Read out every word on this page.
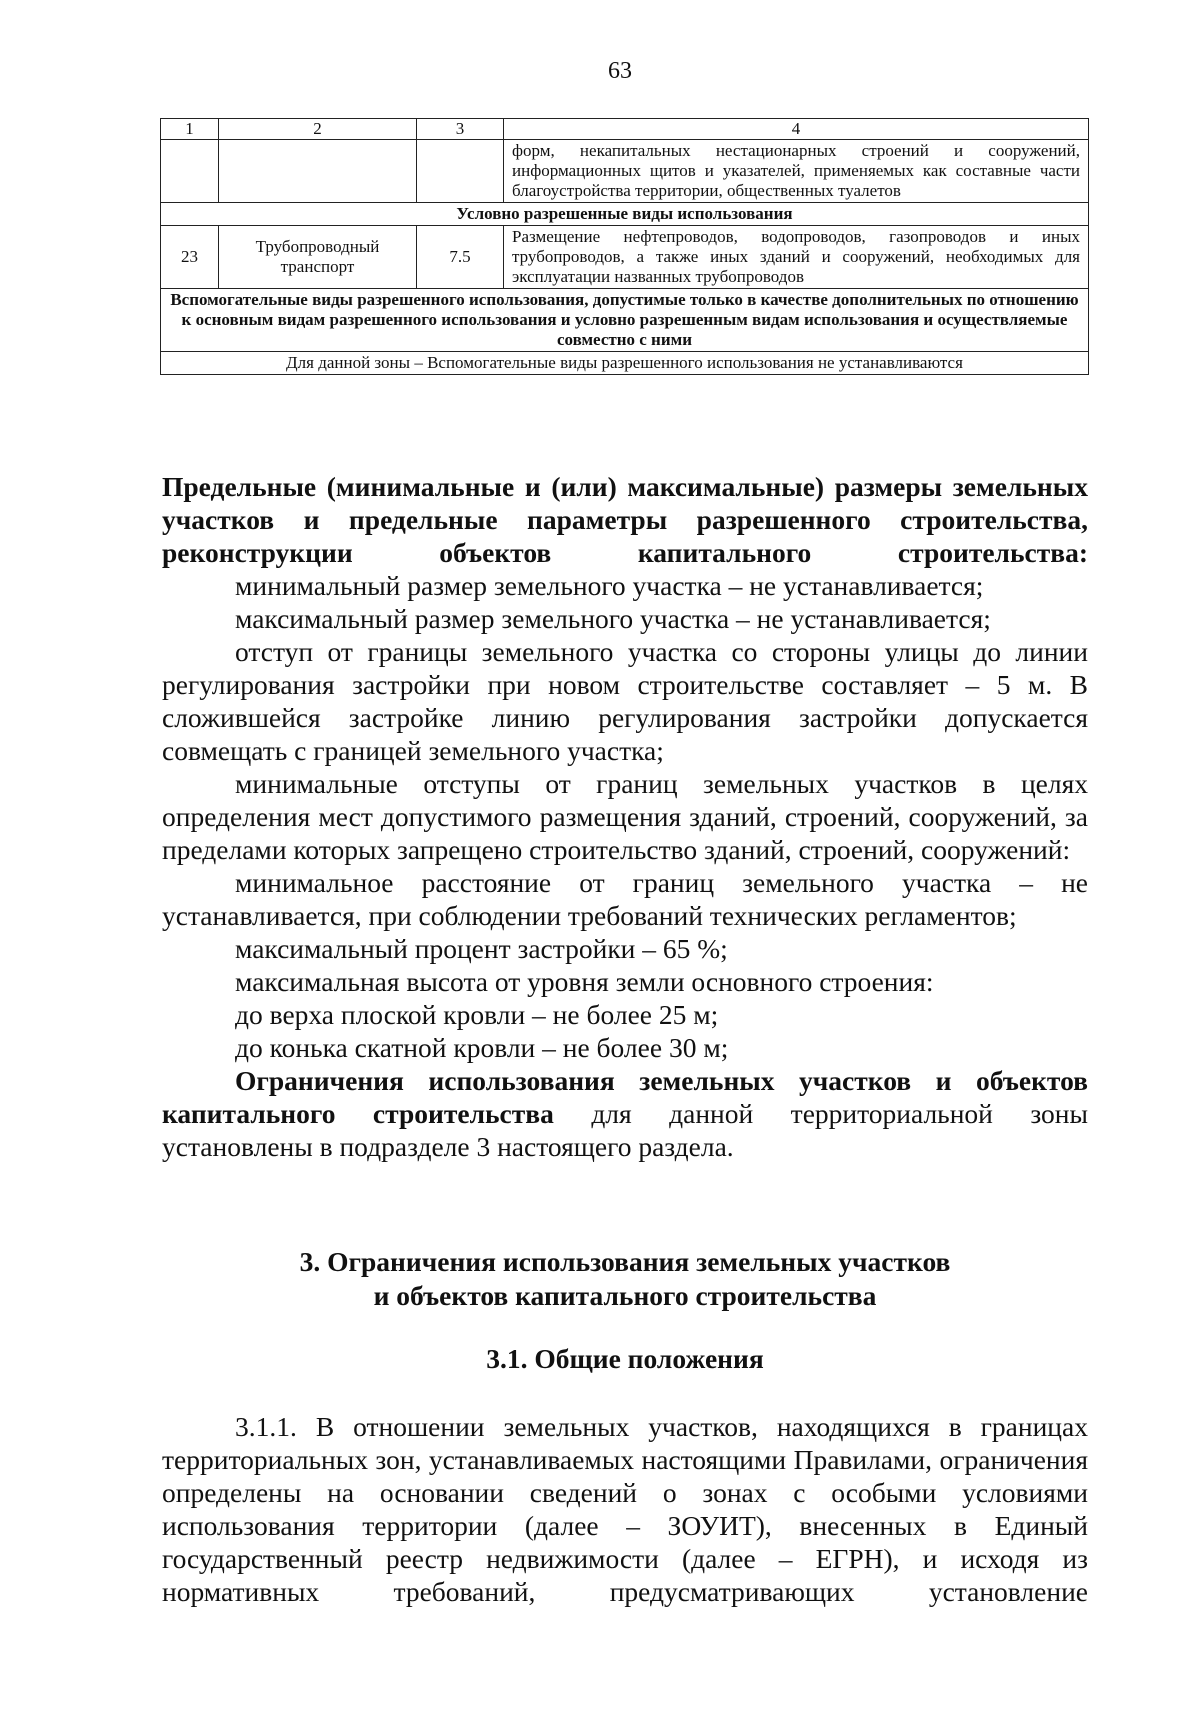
63
1	2	3	4
			форм, некапитальных нестационарных строений и сооружений, информационных щитов и указателей, применяемых как составные части благоустройства территории, общественных туалетов
Условно разрешенные виды использования			
23	Трубопроводный транспорт	7.5	Размещение нефтепроводов, водопроводов, газопроводов и иных трубопроводов, а также иных зданий и сооружений, необходимых для эксплуатации названных трубопроводов
Вспомогательные виды разрешенного использования, допустимые только в качестве дополнительных по отношению к основным видам разрешенного использования и условно разрешенным видам использования и осуществляемые совместно с ними			
Для данной зоны – Вспомогательные виды разрешенного использования не устанавливаются			

Предельные (минимальные и (или) максимальные) размеры земельных участков и предельные параметры разрешенного строительства, реконструкции объектов капитального строительства:

минимальный размер земельного участка – не устанавливается;

максимальный размер земельного участка – не устанавливается;

отступ от границы земельного участка со стороны улицы до линии регулирования застройки при новом строительстве составляет – 5 м. В сложившейся застройке линию регулирования застройки допускается совмещать с границей земельного участка;

минимальные отступы от границ земельных участков в целях определения мест допустимого размещения зданий, строений, сооружений, за пределами которых запрещено строительство зданий, строений, сооружений:

минимальное расстояние от границ земельного участка – не устанавливается, при соблюдении требований технических регламентов;

максимальный процент застройки – 65 %;

максимальная высота от уровня земли основного строения:

до верха плоской кровли – не более 25 м;

до конька скатной кровли – не более 30 м;

Ограничения использования земельных участков и объектов капитального строительства для данной территориальной зоны установлены в подразделе 3 настоящего раздела.

3. Ограничения использования земельных участков

и объектов капитального строительства

3.1. Общие положения

3.1.1. В отношении земельных участков, находящихся в границах территориальных зон, устанавливаемых настоящими Правилами, ограничения определены на основании сведений о зонах с особыми условиями использования территории (далее – ЗОУИТ), внесенных в Единый государственный реестр недвижимости (далее – ЕГРН), и исходя из нормативных требований, предусматривающих установление
